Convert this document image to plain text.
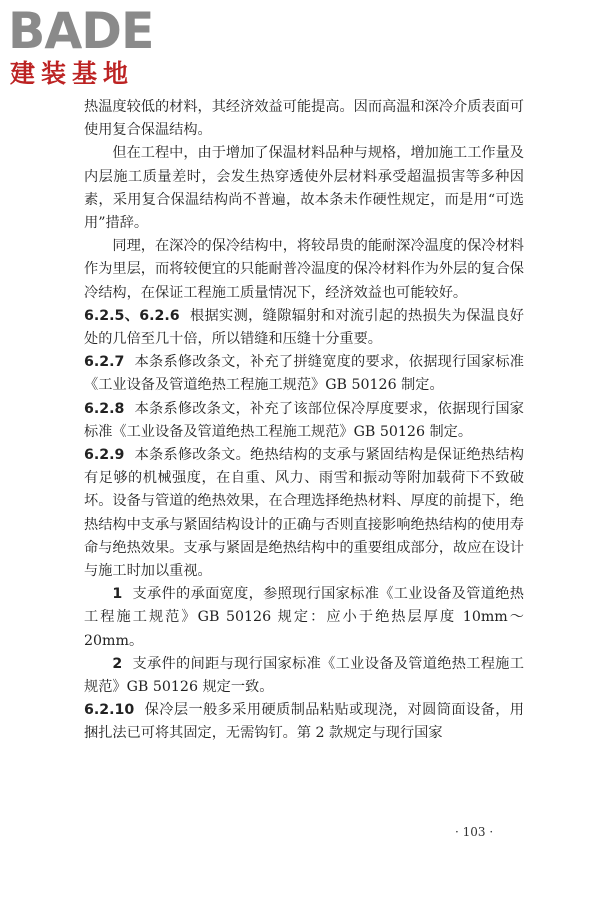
BADE
建装基地

热温度较低的材料，其经济效益可能提高。因而高温和深冷介质表面可使用复合保温结构。

但在工程中，由于增加了保温材料品种与规格，增加施工工作量及内层施工质量差时，会发生热穿透使外层材料承受超温损害等多种因素，采用复合保温结构尚不普遍，故本条未作硬性规定，而是用“可选用”措辞。

同理，在深冷的保冷结构中，将较昂贵的能耐深冷温度的保冷材料作为里层，而将较便宜的只能耐普冷温度的保冷材料作为外层的复合保冷结构，在保证工程施工质量情况下，经济效益也可能较好。

6.2.5、6.2.6 根据实测，缝隙辐射和对流引起的热损失为保温良好处的几倍至几十倍，所以错缝和压缝十分重要。

6.2.7 本条系修改条文，补充了拼缝宽度的要求，依据现行国家标准《工业设备及管道绝热工程施工规范》GB 50126 制定。

6.2.8 本条系修改条文，补充了该部位保冷厚度要求，依据现行国家标准《工业设备及管道绝热工程施工规范》GB 50126 制定。

6.2.9 本条系修改条文。绝热结构的支承与紧固结构是保证绝热结构有足够的机械强度，在自重、风力、雨雪和振动等附加载荷下不致破坏。设备与管道的绝热效果，在合理选择绝热材料、厚度的前提下，绝热结构中支承与紧固结构设计的正确与否则直接影响绝热结构的使用寿命与绝热效果。支承与紧固是绝热结构中的重要组成部分，故应在设计与施工时加以重视。

1 支承件的承面宽度，参照现行国家标准《工业设备及管道绝热工程施工规范》GB 50126 规定：应小于绝热层厚度 10mm～20mm。

2 支承件的间距与现行国家标准《工业设备及管道绝热工程施工规范》GB 50126 规定一致。

6.2.10 保冷层一般多采用硬质制品粘贴或现浇，对圆筒面设备，用捆扎法已可将其固定，无需钩钉。第 2 款规定与现行国家

· 103 ·
